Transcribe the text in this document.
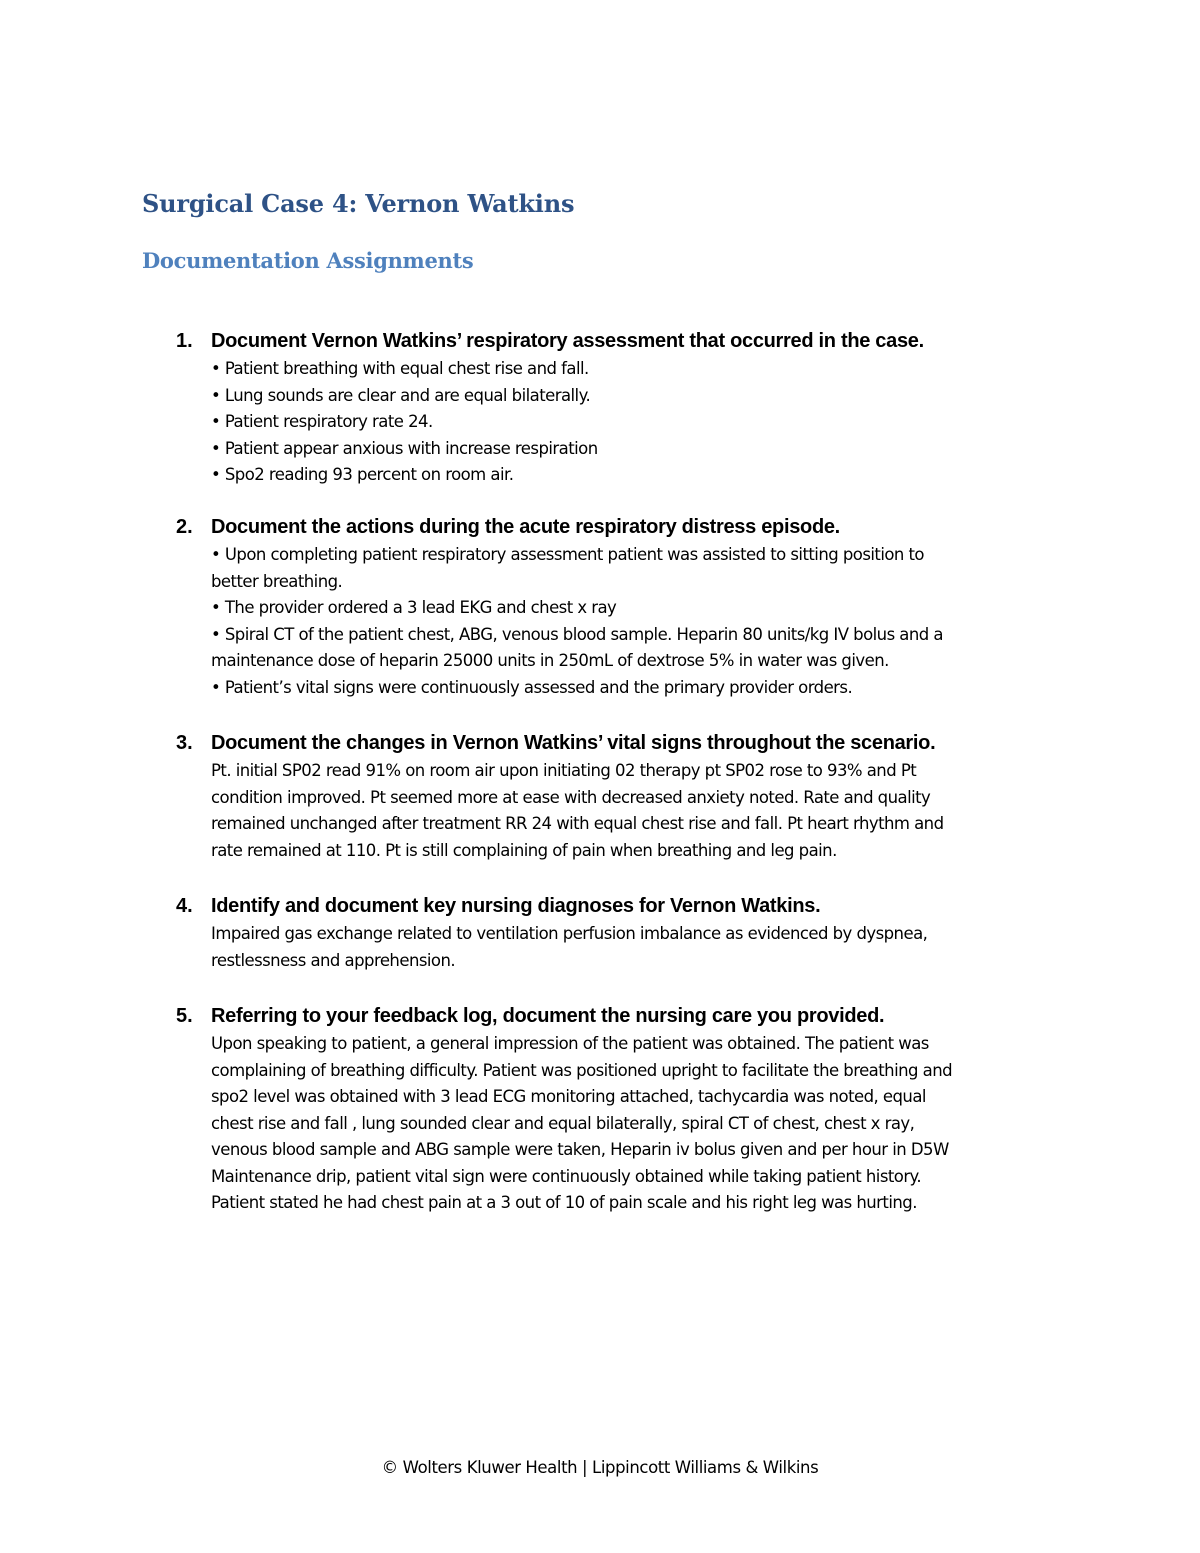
Surgical Case 4: Vernon Watkins
Documentation Assignments
1. Document Vernon Watkins’ respiratory assessment that occurred in the case.
• Patient breathing with equal chest rise and fall.
• Lung sounds are clear and are equal bilaterally.
• Patient respiratory rate 24.
• Patient appear anxious with increase respiration
• Spo2 reading 93 percent on room air.
2. Document the actions during the acute respiratory distress episode.
• Upon completing patient respiratory assessment patient was assisted to sitting position to
better breathing.
• The provider ordered a 3 lead EKG and chest x ray
• Spiral CT of the patient chest, ABG, venous blood sample. Heparin 80 units/kg IV bolus and a
maintenance dose of heparin 25000 units in 250mL of dextrose 5% in water was given.
• Patient’s vital signs were continuously assessed and the primary provider orders.
3. Document the changes in Vernon Watkins’ vital signs throughout the scenario.

Pt. initial SP02 read 91% on room air upon initiating 02 therapy pt SP02 rose to 93% and Pt
condition improved. Pt seemed more at ease with decreased anxiety noted. Rate and quality
remained unchanged after treatment RR 24 with equal chest rise and fall. Pt heart rhythm and
rate remained at 110. Pt is still complaining of pain when breathing and leg pain.

4. Identify and document key nursing diagnoses for Vernon Watkins.

Impaired gas exchange related to ventilation perfusion imbalance as evidenced by dyspnea,
restlessness and apprehension.

5. Referring to your feedback log, document the nursing care you provided.

Upon speaking to patient, a general impression of the patient was obtained. The patient was
complaining of breathing difficulty. Patient was positioned upright to facilitate the breathing and
spo2 level was obtained with 3 lead ECG monitoring attached, tachycardia was noted, equal
chest rise and fall , lung sounded clear and equal bilaterally, spiral CT of chest, chest x ray,
venous blood sample and ABG sample were taken, Heparin iv bolus given and per hour in D5W
Maintenance drip, patient vital sign were continuously obtained while taking patient history.
Patient stated he had chest pain at a 3 out of 10 of pain scale and his right leg was hurting.

© Wolters Kluwer Health | Lippincott Williams & Wilkins
